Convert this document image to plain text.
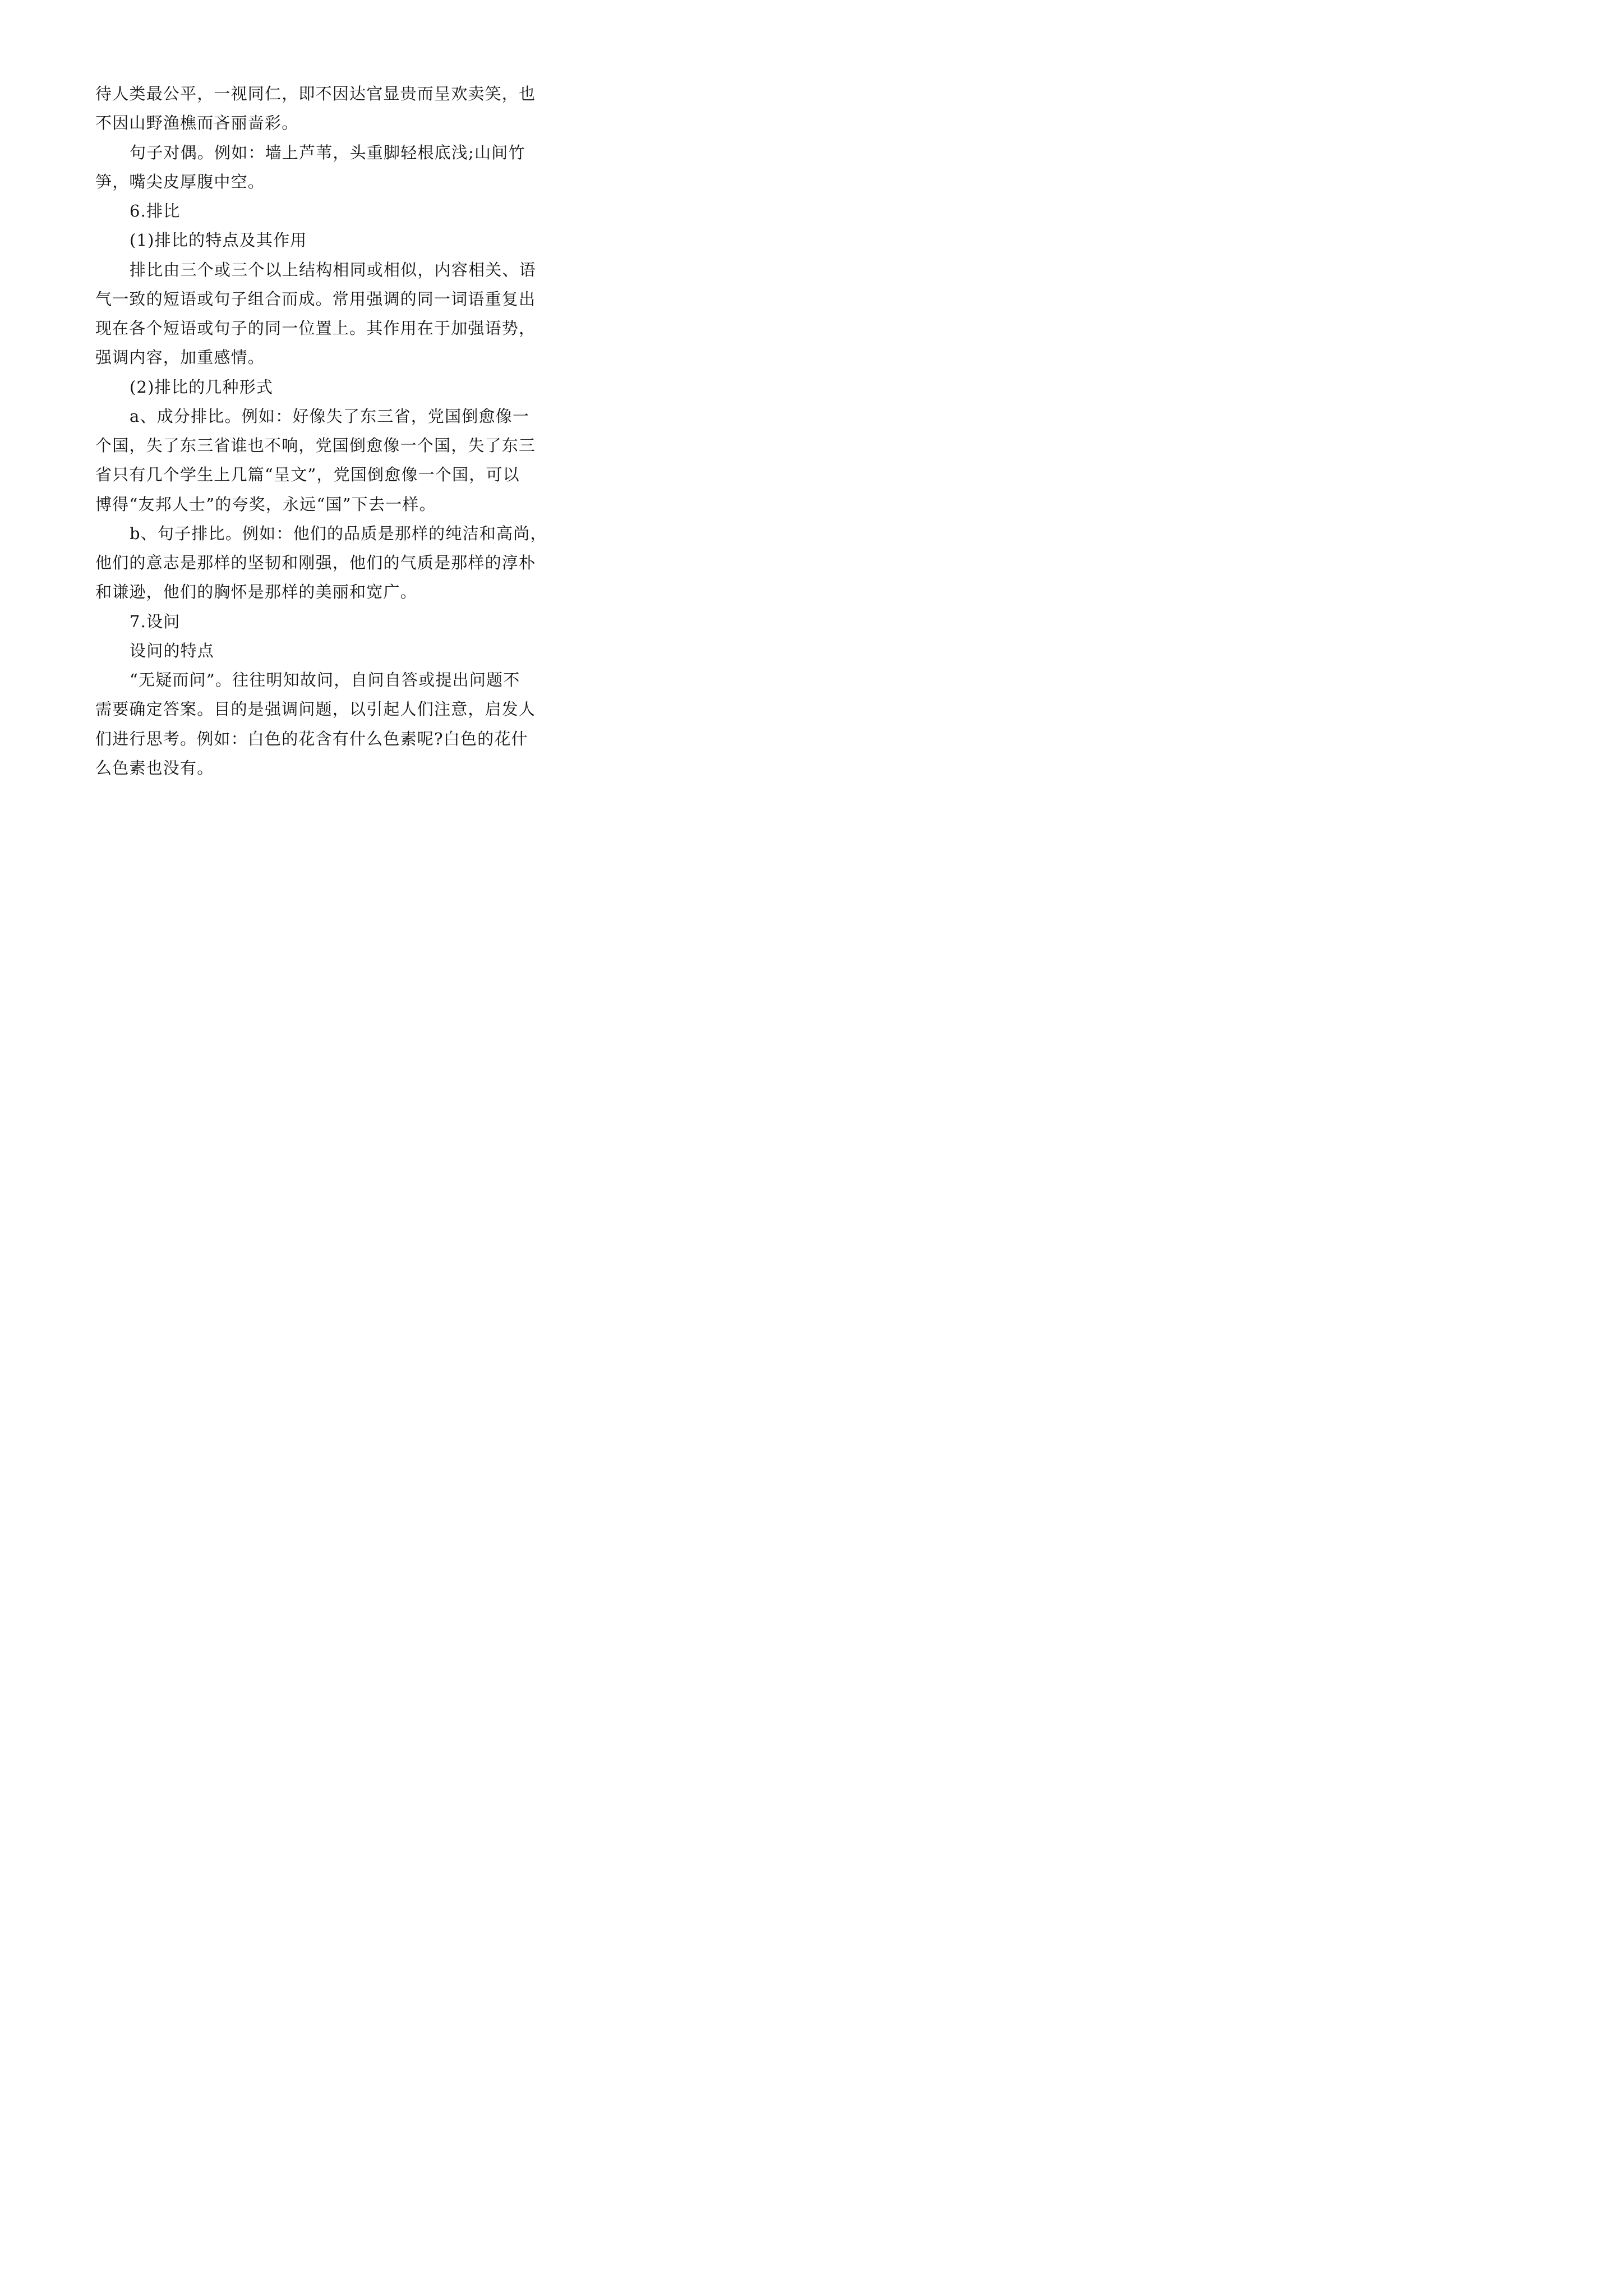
待人类最公平，一视同仁，即不因达官显贵而呈欢卖笑，也
不因山野渔樵而吝丽啬彩。
句子对偶。例如：墙上芦苇，头重脚轻根底浅;山间竹
笋，嘴尖皮厚腹中空。
6.排比
(1)排比的特点及其作用
排比由三个或三个以上结构相同或相似，内容相关、语
气一致的短语或句子组合而成。常用强调的同一词语重复出
现在各个短语或句子的同一位置上。其作用在于加强语势，
强调内容，加重感情。
(2)排比的几种形式
a、成分排比。例如：好像失了东三省，党国倒愈像一
个国，失了东三省谁也不响，党国倒愈像一个国，失了东三
省只有几个学生上几篇“呈文”，党国倒愈像一个国，可以
博得“友邦人士”的夸奖，永远“国”下去一样。
b、句子排比。例如：他们的品质是那样的纯洁和高尚，
他们的意志是那样的坚韧和刚强，他们的气质是那样的淳朴
和谦逊，他们的胸怀是那样的美丽和宽广。
7.设问
设问的特点
“无疑而问”。往往明知故问，自问自答或提出问题不
需要确定答案。目的是强调问题，以引起人们注意，启发人
们进行思考。例如：白色的花含有什么色素呢?白色的花什
么色素也没有。
